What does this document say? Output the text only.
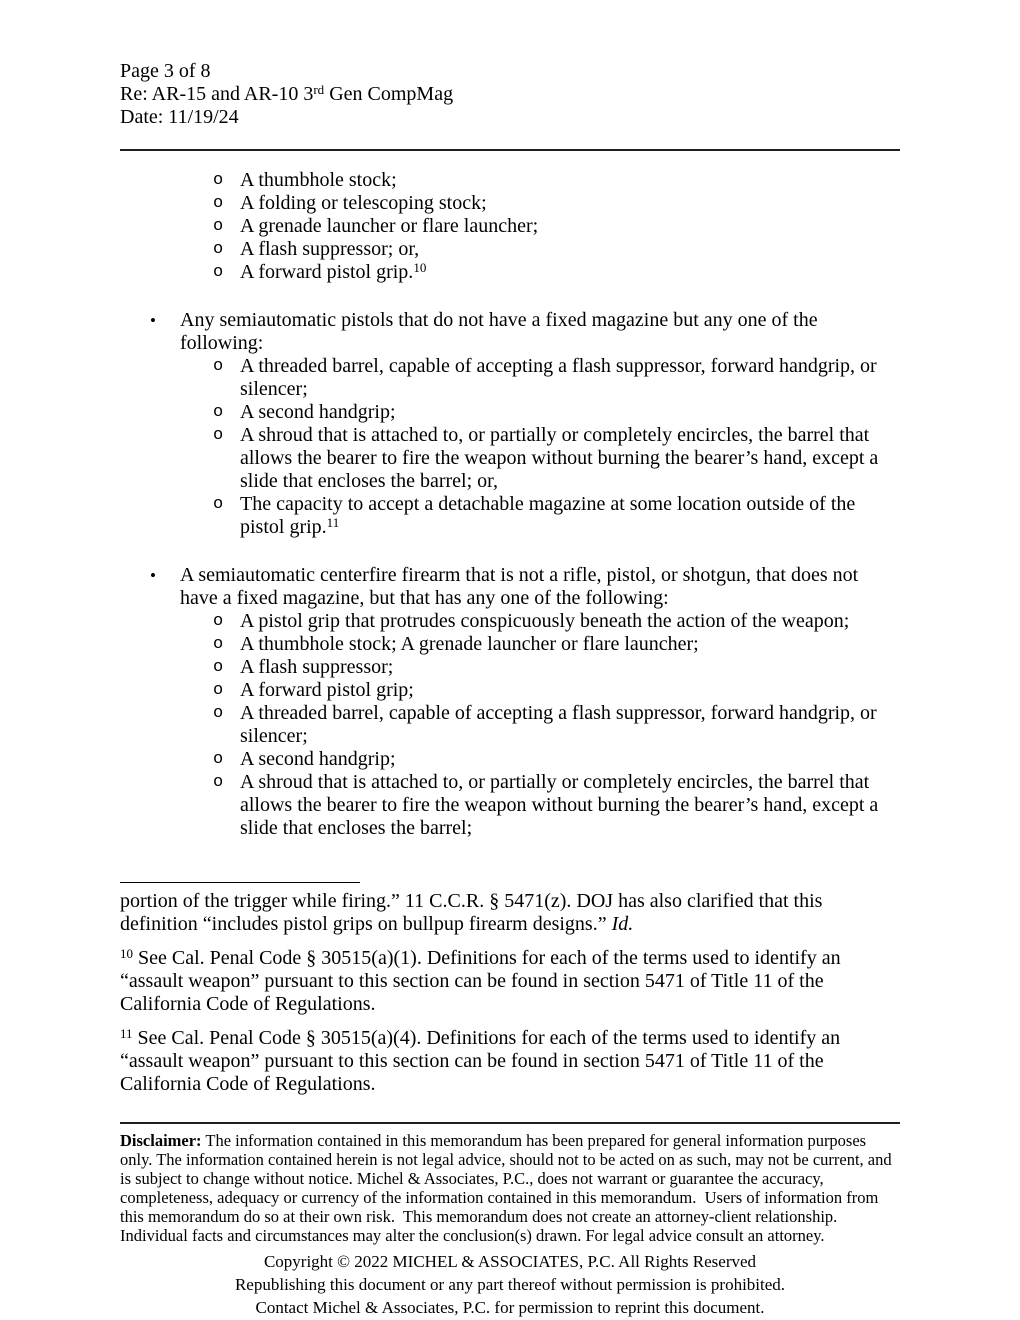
Page 3 of 8
Re: AR-15 and AR-10 3rd Gen CompMag
Date: 11/19/24
o A thumbhole stock;
o A folding or telescoping stock;
o A grenade launcher or flare launcher;
o A flash suppressor; or,
o A forward pistol grip.$^{10}$
• Any semiautomatic pistols that do not have a fixed magazine but any one of the following:
o A threaded barrel, capable of accepting a flash suppressor, forward handgrip, or silencer;
o A second handgrip;
o A shroud that is attached to, or partially or completely encircles, the barrel that allows the bearer to fire the weapon without burning the bearer’s hand, except a slide that encloses the barrel; or,
o The capacity to accept a detachable magazine at some location outside of the pistol grip.$^{11}$
• A semiautomatic centerfire firearm that is not a rifle, pistol, or shotgun, that does not have a fixed magazine, but that has any one of the following:
o A pistol grip that protrudes conspicuously beneath the action of the weapon;
o A thumbhole stock; A grenade launcher or flare launcher;
o A flash suppressor;
o A forward pistol grip;
o A threaded barrel, capable of accepting a flash suppressor, forward handgrip, or silencer;
o A second handgrip;
o A shroud that is attached to, or partially or completely encircles, the barrel that allows the bearer to fire the weapon without burning the bearer’s hand, except a slide that encloses the barrel;
portion of the trigger while firing.” 11 C.C.R. § 5471(z). DOJ has also clarified that this definition “includes pistol grips on bullpup firearm designs.” Id.
$^{10}$ See Cal. Penal Code § 30515(a)(1). Definitions for each of the terms used to identify an “assault weapon” pursuant to this section can be found in section 5471 of Title 11 of the California Code of Regulations.
$^{11}$ See Cal. Penal Code § 30515(a)(4). Definitions for each of the terms used to identify an “assault weapon” pursuant to this section can be found in section 5471 of Title 11 of the California Code of Regulations.
Disclaimer: The information contained in this memorandum has been prepared for general information purposes only. The information contained herein is not legal advice, should not to be acted on as such, may not be current, and is subject to change without notice. Michel & Associates, P.C., does not warrant or guarantee the accuracy, completeness, adequacy or currency of the information contained in this memorandum.  Users of information from this memorandum do so at their own risk.  This memorandum does not create an attorney-client relationship.  Individual facts and circumstances may alter the conclusion(s) drawn. For legal advice consult an attorney.
Copyright © 2022 MICHEL & ASSOCIATES, P.C. All Rights Reserved
Republishing this document or any part thereof without permission is prohibited.
Contact Michel & Associates, P.C. for permission to reprint this document.
